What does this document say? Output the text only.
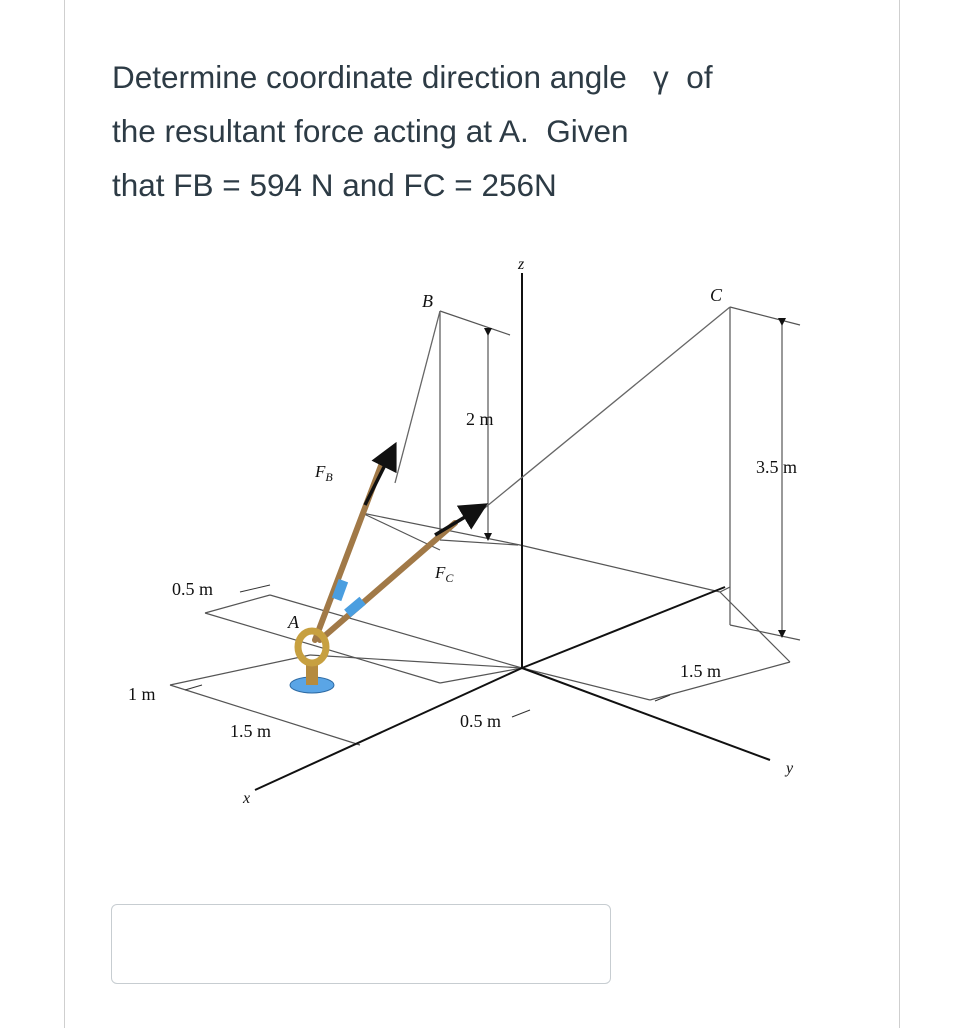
Determine coordinate direction angle   γ  of
the resultant force acting at A.  Given
that FB = 594 N and FC = 256N

z
y
x
B	C
A
$F_B$
$F_C$
2 m
3.5 m
0.5 m
1 m
1.5 m	0.5 m
1.5 m
